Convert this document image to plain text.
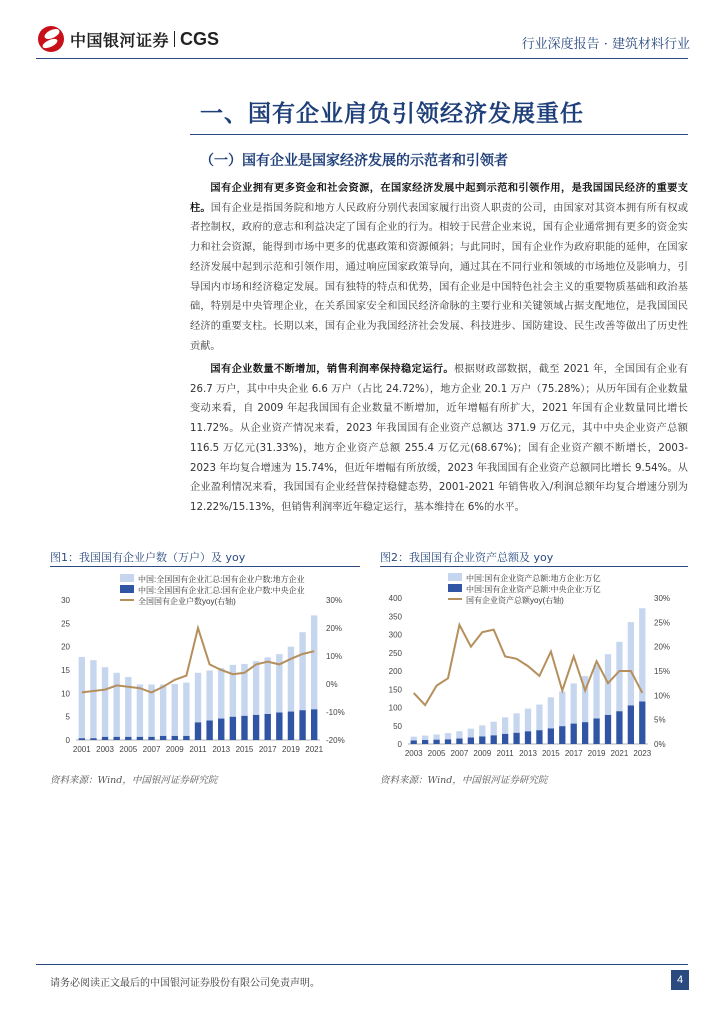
中国银河证券 CGS	行业深度报告 · 建筑材料行业
一、国有企业肩负引领经济发展重任
（一）国有企业是国家经济发展的示范者和引领者
国有企业拥有更多资金和社会资源，在国家经济发展中起到示范和引领作用，是我国国民经济的重要支柱。国有企业是指国务院和地方人民政府分别代表国家履行出资人职责的公司，由国家对其资本拥有所有权或者控制权，政府的意志和利益决定了国有企业的行为。相较于民营企业来说，国有企业通常拥有更多的资金实力和社会资源，能得到市场中更多的优惠政策和资源倾斜；与此同时，国有企业作为政府职能的延伸，在国家经济发展中起到示范和引领作用，通过响应国家政策导向，通过其在不同行业和领域的市场地位及影响力，引导国内市场和经济稳定发展。国有独特的特点和优势，国有企业是中国特色社会主义的重要物质基础和政治基础，特别是中央管理企业，在关系国家安全和国民经济命脉的主要行业和关键领域占据支配地位，是我国国民经济的重要支柱。长期以来，国有企业为我国经济社会发展、科技进步、国防建设、民生改善等做出了历史性贡献。
国有企业数量不断增加，销售利润率保持稳定运行。根据财政部数据，截至 2021 年，全国国有企业有 26.7 万户，其中中央企业 6.6 万户（占比 24.72%），地方企业 20.1 万户（75.28%）；从历年国有企业数量变动来看，自 2009 年起我国国有企业数量不断增加，近年增幅有所扩大，2021 年国有企业数量同比增长 11.72%。从企业资产情况来看，2023 年我国国有企业资产总额达 371.9 万亿元，其中中央企业资产总额 116.5 万亿元(31.33%)，地方企业资产总额 255.4 万亿元(68.67%)；国有企业资产额不断增长，2003-2023 年均复合增速为 15.74%，但近年增幅有所放缓，2023 年我国国有企业资产总额同比增长 9.54%。从企业盈利情况来看，我国国有企业经营保持稳健态势，2001-2021 年销售收入/利润总额年均复合增速分别为 12.22%/15.13%，但销售利润率近年稳定运行，基本维持在 6%的水平。
图1：我国国有企业户数（万户）及 yoy
0
5
10
15
20
25
30
-20%
-10%
0%
10%
20%
30%
2001 2003 2005 2007 2009 2011 2013 2015 2017 2019 2021
中国:全国国有企业汇总:国有企业户数:地方企业
中国:全国国有企业汇总:国有企业户数:中央企业
全国国有企业户数yoy(右轴)
资料来源：Wind，中国银河证券研究院
图2：我国国有企业资产总额及 yoy
0
50
100
150
200
250
300
350
400
0%
5%
10%
15%
20%
25%
30%
2003 2005 2007 2009 2011 2013 2015 2017 2019 2021 2023
中国:国有企业资产总额:地方企业:万亿
中国:国有企业资产总额:中央企业:万亿
国有企业资产总额yoy(右轴)
资料来源：Wind，中国银河证券研究院
请务必阅读正文最后的中国银河证券股份有限公司免责声明。	4
